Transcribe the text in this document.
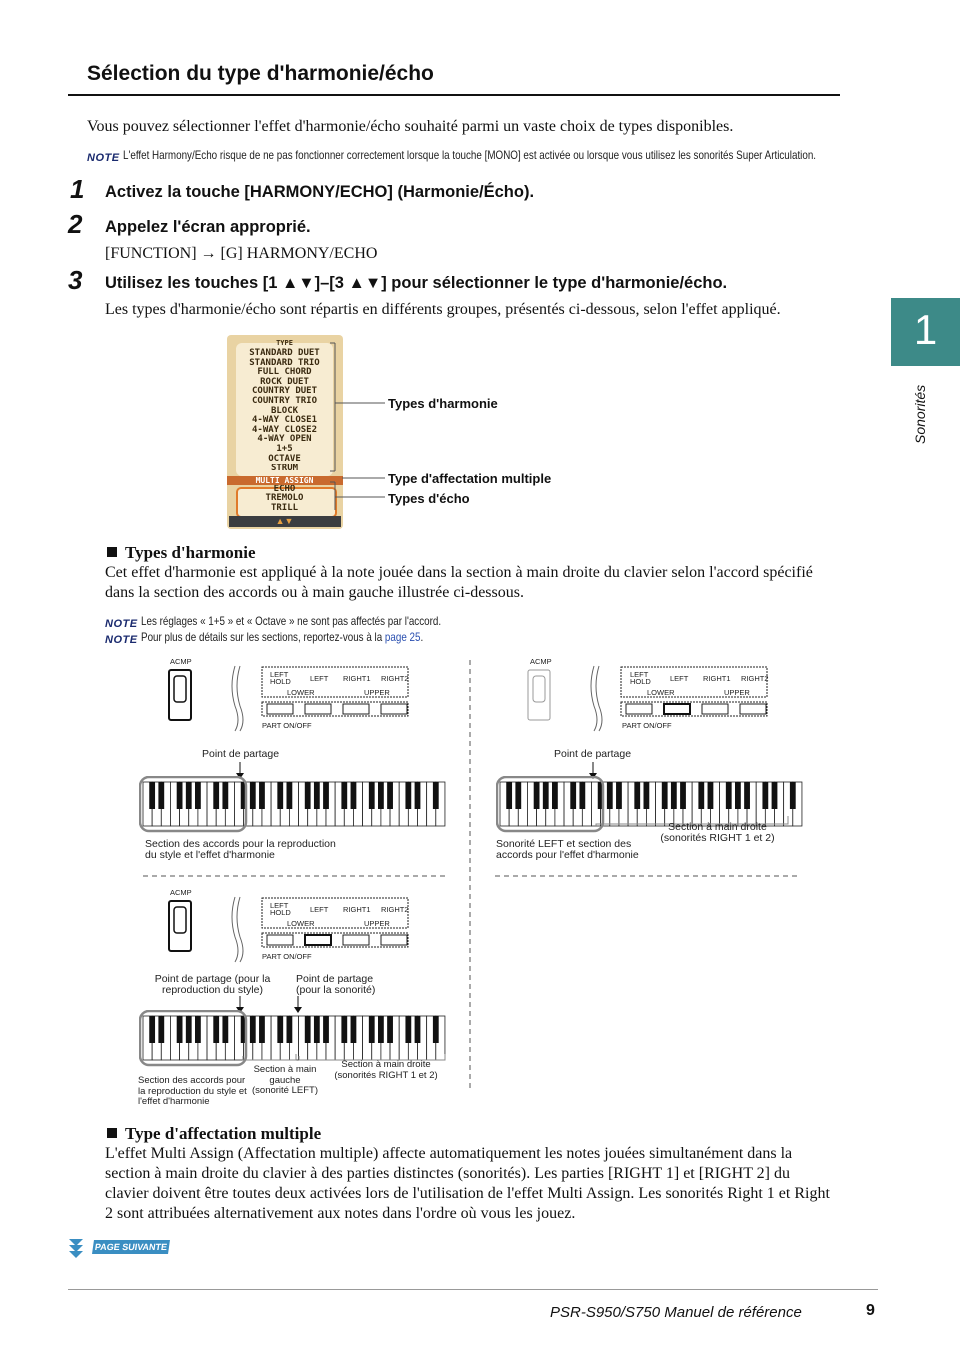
Sélection du type d'harmonie/écho
Vous pouvez sélectionner l'effet d'harmonie/écho souhaité parmi un vaste choix de types disponibles.
NOTE L'effet Harmony/Echo risque de ne pas fonctionner correctement lorsque la touche [MONO] est activée ou lorsque vous utilisez les sonorités Super Articulation.
1 Activez la touche [HARMONY/ECHO] (Harmonie/Écho).
2 Appelez l'écran approprié.
[FUNCTION] → [G] HARMONY/ECHO
3 Utilisez les touches [1 ▲▼]–[3 ▲▼] pour sélectionner le type d'harmonie/écho.
Les types d'harmonie/écho sont répartis en différents groupes, présentés ci-dessous, selon l'effet appliqué.
TYPE
STANDARD DUET
STANDARD TRIO
FULL CHORD
ROCK DUET
COUNTRY DUET
COUNTRY TRIO
BLOCK
4-WAY CLOSE1
4-WAY CLOSE2
4-WAY OPEN
1+5
OCTAVE
STRUM
MULTI ASSIGN
ECHO
TREMOLO
TRILL
▲▼
Types d'harmonie
Type d'affectation multiple
Types d'écho
1
Sonorités
Types d'harmonie
Cet effet d'harmonie est appliqué à la note jouée dans la section à main droite du clavier selon l'accord spécifié dans la section des accords ou à main gauche illustrée ci-dessous.
NOTE Les réglages « 1+5 » et « Octave » ne sont pas affectés par l'accord.
NOTE Pour plus de détails sur les sections, reportez-vous à la page 25.
ACMP
LEFT HOLD	LEFT RIGHT1 RIGHT2
LOWER	UPPER
PART ON/OFF
Point de partage
Section des accords pour la reproduction du style et l'effet d'harmonie
ACMP
LEFT HOLD	LEFT RIGHT1 RIGHT2
LOWER	UPPER
PART ON/OFF
Point de partage
Sonorité LEFT et section des accords pour l'effet d'harmonie
Section à main droite (sonorités RIGHT 1 et 2)
ACMP
LEFT HOLD	LEFT RIGHT1 RIGHT2
LOWER	UPPER
PART ON/OFF
Point de partage (pour la reproduction du style)
Point de partage (pour la sonorité)
Section des accords pour la reproduction du style et l'effet d'harmonie
Section à main gauche (sonorité LEFT)
Section à main droite (sonorités RIGHT 1 et 2)
Type d'affectation multiple
L'effet Multi Assign (Affectation multiple) affecte automatiquement les notes jouées simultanément dans la section à main droite du clavier à des parties distinctes (sonorités). Les parties [RIGHT 1] et [RIGHT 2] du clavier doivent être toutes deux activées lors de l'utilisation de l'effet Multi Assign. Les sonorités Right 1 et Right 2 sont attribuées alternativement aux notes dans l'ordre où vous les jouez.
PAGE SUIVANTE
PSR-S950/S750 Manuel de référence	9
